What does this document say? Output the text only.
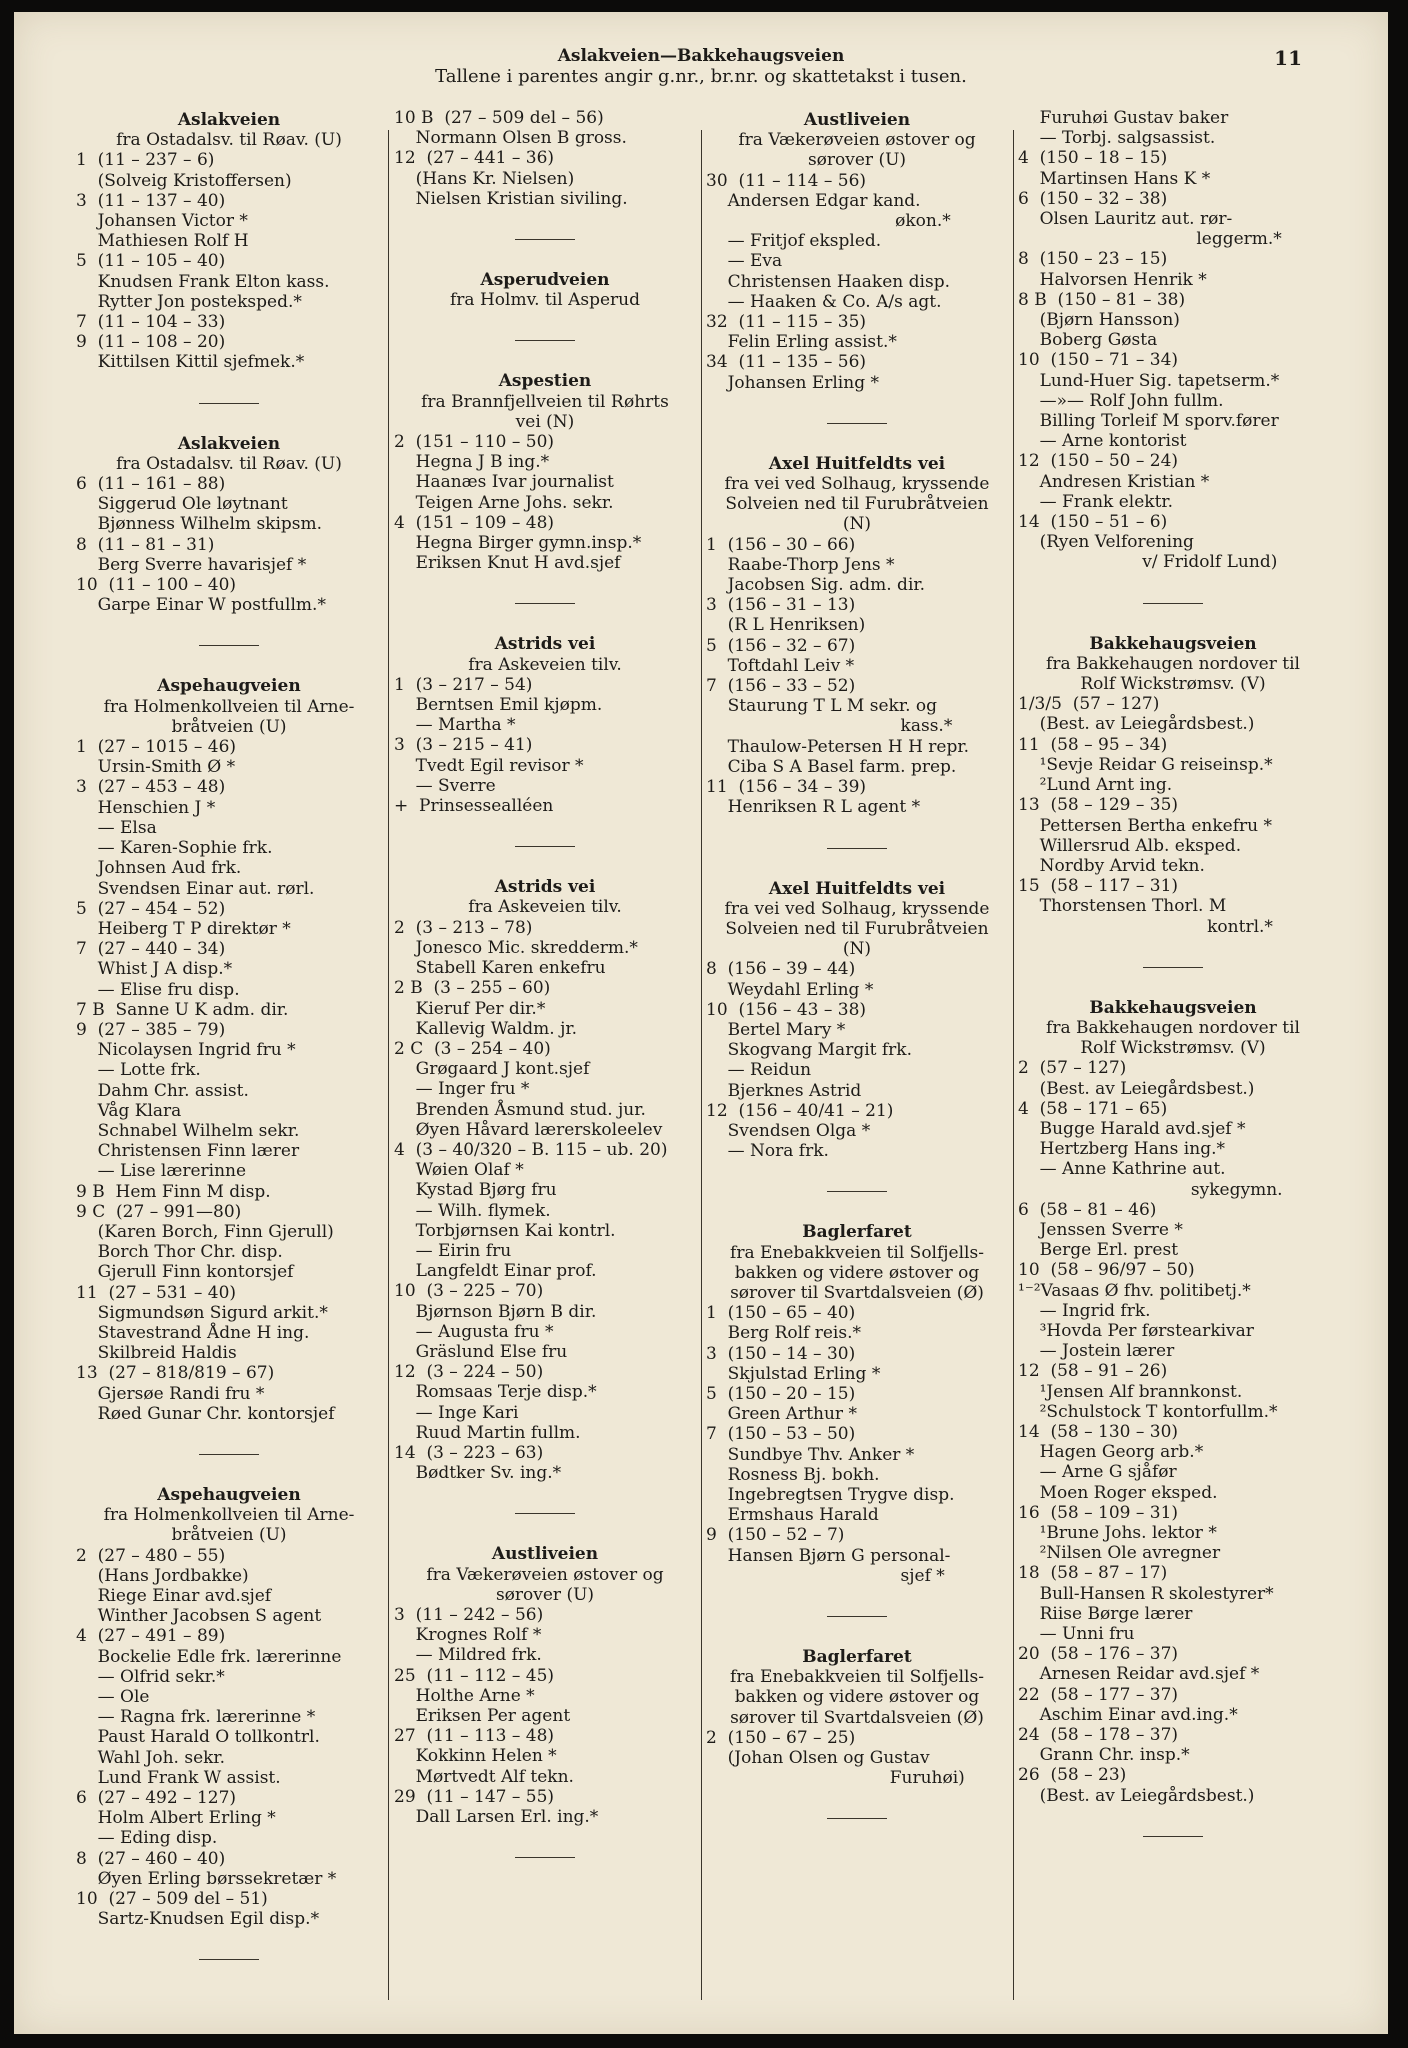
Aslakveien—Bakkehaugsveien
Tallene i parentes angir g.nr., br.nr. og skattetakst i tusen.
11
Aslakveien
fra Ostadalsv. til Røav. (U)
1  (11 – 237 – 6)
(Solveig Kristoffersen)
3  (11 – 137 – 40)
Johansen Victor *
Mathiesen Rolf H
5  (11 – 105 – 40)
Knudsen Frank Elton kass.
Rytter Jon posteksped.*
7  (11 – 104 – 33)
9  (11 – 108 – 20)
Kittilsen Kittil sjefmek.*
Aslakveien
fra Ostadalsv. til Røav. (U)
6  (11 – 161 – 88)
Siggerud Ole løytnant
Bjønness Wilhelm skipsm.
8  (11 – 81 – 31)
Berg Sverre havarisjef *
10  (11 – 100 – 40)
Garpe Einar W postfullm.*
Aspehaugveien
fra Holmenkollveien til Arne-
bråtveien (U)
1  (27 – 1015 – 46)
Ursin-Smith Ø *
3  (27 – 453 – 48)
Henschien J *
— Elsa
— Karen-Sophie frk.
Johnsen Aud frk.
Svendsen Einar aut. rørl.
5  (27 – 454 – 52)
Heiberg T P direktør *
7  (27 – 440 – 34)
Whist J A disp.*
— Elise fru disp.
7 B  Sanne U K adm. dir.
9  (27 – 385 – 79)
Nicolaysen Ingrid fru *
— Lotte frk.
Dahm Chr. assist.
Våg Klara
Schnabel Wilhelm sekr.
Christensen Finn lærer
— Lise lærerinne
9 B  Hem Finn M disp.
9 C  (27 – 991—80)
(Karen Borch, Finn Gjerull)
Borch Thor Chr. disp.
Gjerull Finn kontorsjef
11  (27 – 531 – 40)
Sigmundsøn Sigurd arkit.*
Stavestrand Ådne H ing.
Skilbreid Haldis
13  (27 – 818/819 – 67)
Gjersøe Randi fru *
Røed Gunar Chr. kontorsjef
Aspehaugveien
fra Holmenkollveien til Arne-
bråtveien (U)
2  (27 – 480 – 55)
(Hans Jordbakke)
Riege Einar avd.sjef
Winther Jacobsen S agent
4  (27 – 491 – 89)
Bockelie Edle frk. lærerinne
— Olfrid sekr.*
— Ole
— Ragna frk. lærerinne *
Paust Harald O tollkontrl.
Wahl Joh. sekr.
Lund Frank W assist.
6  (27 – 492 – 127)
Holm Albert Erling *
— Eding disp.
8  (27 – 460 – 40)
Øyen Erling børssekretær *
10  (27 – 509 del – 51)
Sartz-Knudsen Egil disp.*
10 B  (27 – 509 del – 56)
Normann Olsen B gross.
12  (27 – 441 – 36)
(Hans Kr. Nielsen)
Nielsen Kristian siviling.
Asperudveien
fra Holmv. til Asperud
Aspestien
fra Brannfjellveien til Røhrts
vei (N)
2  (151 – 110 – 50)
Hegna J B ing.*
Haanæs Ivar journalist
Teigen Arne Johs. sekr.
4  (151 – 109 – 48)
Hegna Birger gymn.insp.*
Eriksen Knut H avd.sjef
Astrids vei
fra Askeveien tilv.
1  (3 – 217 – 54)
Berntsen Emil kjøpm.
— Martha *
3  (3 – 215 – 41)
Tvedt Egil revisor *
— Sverre
+  Prinsessealléen
Astrids vei
fra Askeveien tilv.
2  (3 – 213 – 78)
Jonesco Mic. skredderm.*
Stabell Karen enkefru
2 B  (3 – 255 – 60)
Kieruf Per dir.*
Kallevig Waldm. jr.
2 C  (3 – 254 – 40)
Grøgaard J kont.sjef
— Inger fru *
Brenden Åsmund stud. jur.
Øyen Håvard lærerskoleelev
4  (3 – 40/320 – B. 115 – ub. 20)
Wøien Olaf *
Kystad Bjørg fru
— Wilh. flymek.
Torbjørnsen Kai kontrl.
— Eirin fru
Langfeldt Einar prof.
10  (3 – 225 – 70)
Bjørnson Bjørn B dir.
— Augusta fru *
Gräslund Else fru
12  (3 – 224 – 50)
Romsaas Terje disp.*
— Inge Kari
Ruud Martin fullm.
14  (3 – 223 – 63)
Bødtker Sv. ing.*
Austliveien
fra Vækerøveien østover og
sørover (U)
3  (11 – 242 – 56)
Krognes Rolf *
— Mildred frk.
25  (11 – 112 – 45)
Holthe Arne *
Eriksen Per agent
27  (11 – 113 – 48)
Kokkinn Helen *
Mørtvedt Alf tekn.
29  (11 – 147 – 55)
Dall Larsen Erl. ing.*
Austliveien
fra Vækerøveien østover og
sørover (U)
30  (11 – 114 – 56)
Andersen Edgar kand.
økon.*
— Fritjof ekspled.
— Eva
Christensen Haaken disp.
— Haaken & Co. A/s agt.
32  (11 – 115 – 35)
Felin Erling assist.*
34  (11 – 135 – 56)
Johansen Erling *
Axel Huitfeldts vei
fra vei ved Solhaug, kryssende
Solveien ned til Furubråtveien
(N)
1  (156 – 30 – 66)
Raabe-Thorp Jens *
Jacobsen Sig. adm. dir.
3  (156 – 31 – 13)
(R L Henriksen)
5  (156 – 32 – 67)
Toftdahl Leiv *
7  (156 – 33 – 52)
Staurung T L M sekr. og
kass.*
Thaulow-Petersen H H repr.
Ciba S A Basel farm. prep.
11  (156 – 34 – 39)
Henriksen R L agent *
Axel Huitfeldts vei
fra vei ved Solhaug, kryssende
Solveien ned til Furubråtveien
(N)
8  (156 – 39 – 44)
Weydahl Erling *
10  (156 – 43 – 38)
Bertel Mary *
Skogvang Margit frk.
— Reidun
Bjerknes Astrid
12  (156 – 40/41 – 21)
Svendsen Olga *
— Nora frk.
Baglerfaret
fra Enebakkveien til Solfjells-
bakken og videre østover og
sørover til Svartdalsveien (Ø)
1  (150 – 65 – 40)
Berg Rolf reis.*
3  (150 – 14 – 30)
Skjulstad Erling *
5  (150 – 20 – 15)
Green Arthur *
7  (150 – 53 – 50)
Sundbye Thv. Anker *
Rosness Bj. bokh.
Ingebregtsen Trygve disp.
Ermshaus Harald
9  (150 – 52 – 7)
Hansen Bjørn G personal-
sjef *
Baglerfaret
fra Enebakkveien til Solfjells-
bakken og videre østover og
sørover til Svartdalsveien (Ø)
2  (150 – 67 – 25)
(Johan Olsen og Gustav
Furuhøi)
Furuhøi Gustav baker
— Torbj. salgsassist.
4  (150 – 18 – 15)
Martinsen Hans K *
6  (150 – 32 – 38)
Olsen Lauritz aut. rør-
leggerm.*
8  (150 – 23 – 15)
Halvorsen Henrik *
8 B  (150 – 81 – 38)
(Bjørn Hansson)
Boberg Gøsta
10  (150 – 71 – 34)
Lund-Huer Sig. tapetserm.*
—»— Rolf John fullm.
Billing Torleif M sporv.fører
— Arne kontorist
12  (150 – 50 – 24)
Andresen Kristian *
— Frank elektr.
14  (150 – 51 – 6)
(Ryen Velforening
v/ Fridolf Lund)
Bakkehaugsveien
fra Bakkehaugen nordover til
Rolf Wickstrømsv. (V)
1/3/5  (57 – 127)
(Best. av Leiegårdsbest.)
11  (58 – 95 – 34)
¹Sevje Reidar G reiseinsp.*
²Lund Arnt ing.
13  (58 – 129 – 35)
Pettersen Bertha enkefru *
Willersrud Alb. eksped.
Nordby Arvid tekn.
15  (58 – 117 – 31)
Thorstensen Thorl. M
kontrl.*
Bakkehaugsveien
fra Bakkehaugen nordover til
Rolf Wickstrømsv. (V)
2  (57 – 127)
(Best. av Leiegårdsbest.)
4  (58 – 171 – 65)
Bugge Harald avd.sjef *
Hertzberg Hans ing.*
— Anne Kathrine aut.
sykegymn.
6  (58 – 81 – 46)
Jenssen Sverre *
Berge Erl. prest
10  (58 – 96/97 – 50)
¹⁻²Vasaas Ø fhv. politibetj.*
— Ingrid frk.
³Hovda Per førstearkivar
— Jostein lærer
12  (58 – 91 – 26)
¹Jensen Alf brannkonst.
²Schulstock T kontorfullm.*
14  (58 – 130 – 30)
Hagen Georg arb.*
— Arne G sjåfør
Moen Roger eksped.
16  (58 – 109 – 31)
¹Brune Johs. lektor *
²Nilsen Ole avregner
18  (58 – 87 – 17)
Bull-Hansen R skolestyrer*
Riise Børge lærer
— Unni fru
20  (58 – 176 – 37)
Arnesen Reidar avd.sjef *
22  (58 – 177 – 37)
Aschim Einar avd.ing.*
24  (58 – 178 – 37)
Grann Chr. insp.*
26  (58 – 23)
(Best. av Leiegårdsbest.)
